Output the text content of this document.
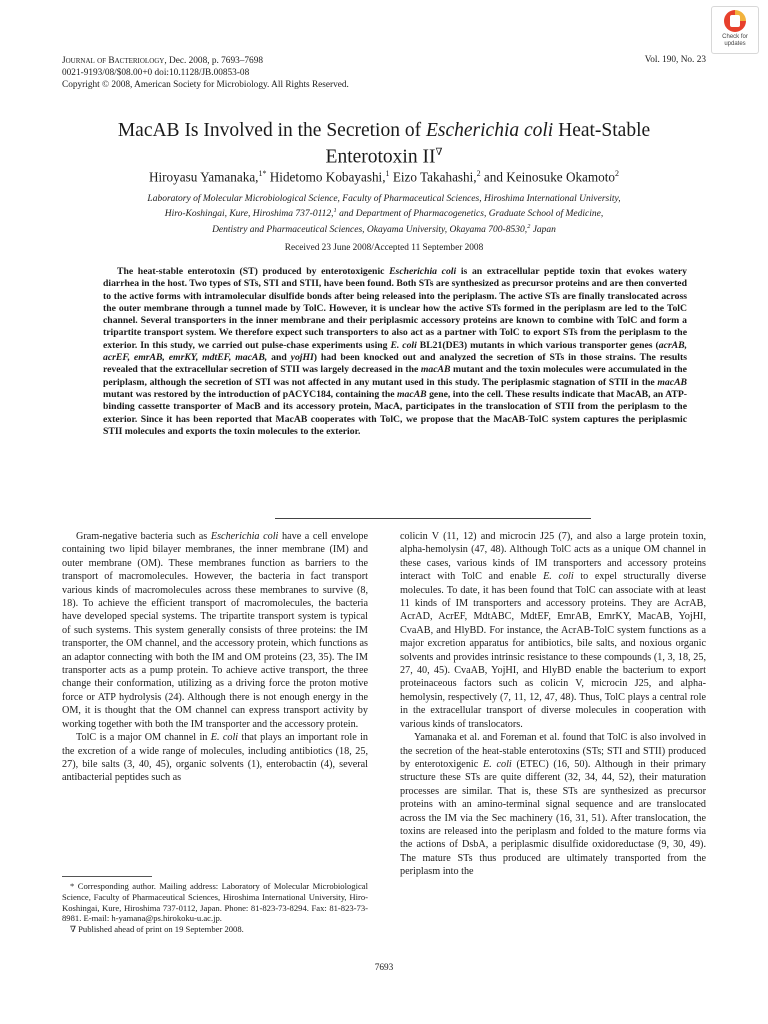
Journal of Bacteriology, Dec. 2008, p. 7693–7698
0021-9193/08/$08.00+0 doi:10.1128/JB.00853-08
Copyright © 2008, American Society for Microbiology. All Rights Reserved.
Vol. 190, No. 23
Check for
updates
MacAB Is Involved in the Secretion of Escherichia coli Heat-Stable
Enterotoxin II∇
Hiroyasu Yamanaka,$^{1*}$ Hidetomo Kobayashi,$^1$ Eizo Takahashi,$^2$ and Keinosuke Okamoto$^2$
Laboratory of Molecular Microbiological Science, Faculty of Pharmaceutical Sciences, Hiroshima International University,
Hiro-Koshingai, Kure, Hiroshima 737-0112,$^1$ and Department of Pharmacogenetics, Graduate School of Medicine,
Dentistry and Pharmaceutical Sciences, Okayama University, Okayama 700-8530,$^2$ Japan
Received 23 June 2008/Accepted 11 September 2008

The heat-stable enterotoxin (ST) produced by enterotoxigenic Escherichia coli is an extracellular peptide toxin that evokes watery diarrhea in the host. Two types of STs, STI and STII, have been found. Both STs are synthesized as precursor proteins and are then converted to the active forms with intramolecular disulfide bonds after being released into the periplasm. The active STs are finally translocated across the outer membrane through a tunnel made by TolC. However, it is unclear how the active STs formed in the periplasm are led to the TolC channel. Several transporters in the inner membrane and their periplasmic accessory proteins are known to combine with TolC and form a tripartite transport system. We therefore expect such transporters to also act as a partner with TolC to export STs from the periplasm to the exterior. In this study, we carried out pulse-chase experiments using E. coli BL21(DE3) mutants in which various transporter genes (acrAB, acrEF, emrAB, emrKY, mdtEF, macAB, and yojHI) had been knocked out and analyzed the secretion of STs in those strains. The results revealed that the extracellular secretion of STII was largely decreased in the macAB mutant and the toxin molecules were accumulated in the periplasm, although the secretion of STI was not affected in any mutant used in this study. The periplasmic stagnation of STII in the macAB mutant was restored by the introduction of pACYC184, containing the macAB gene, into the cell. These results indicate that MacAB, an ATP-binding cassette transporter of MacB and its accessory protein, MacA, participates in the translocation of STII from the periplasm to the exterior. Since it has been reported that MacAB cooperates with TolC, we propose that the MacAB-TolC system captures the periplasmic STII molecules and exports the toxin molecules to the exterior.

Gram-negative bacteria such as Escherichia coli have a cell envelope containing two lipid bilayer membranes, the inner membrane (IM) and outer membrane (OM). These membranes function as barriers to the transport of macromolecules. However, the bacteria in fact transport various kinds of macromolecules across these membranes to survive (8, 18). To achieve the efficient transport of macromolecules, the bacteria have developed special systems. The tripartite transport system is typical of such systems. This system generally consists of three proteins: the IM transporter, the OM channel, and the accessory protein, which functions as an adaptor connecting with both the IM and OM proteins (23, 35). The IM transporter acts as a pump protein. To achieve active transport, the three change their conformation, utilizing as a driving force the proton motive force or ATP hydrolysis (24). Although there is not enough energy in the OM, it is thought that the OM channel can express transport activity by working together with both the IM transporter and the accessory protein.

TolC is a major OM channel in E. coli that plays an important role in the excretion of a wide range of molecules, including antibiotics (18, 25, 27), bile salts (3, 40, 45), organic solvents (1), enterobactin (4), several antibacterial peptides such as

* Corresponding author. Mailing address: Laboratory of Molecular Microbiological Science, Faculty of Pharmaceutical Sciences, Hiroshima International University, Hiro-Koshingai, Kure, Hiroshima 737-0112, Japan. Phone: 81-823-73-8294. Fax: 81-823-73-8981. E-mail: h-yamana@ps.hirokoku-u.ac.jp.

∇ Published ahead of print on 19 September 2008.

colicin V (11, 12) and microcin J25 (7), and also a large protein toxin, alpha-hemolysin (47, 48). Although TolC acts as a unique OM channel in these cases, various kinds of IM transporters and accessory proteins interact with TolC and enable E. coli to expel structurally diverse molecules. To date, it has been found that TolC can associate with at least 11 kinds of IM transporters and accessory proteins. They are AcrAB, AcrAD, AcrEF, MdtABC, MdtEF, EmrAB, EmrKY, MacAB, YojHI, CvaAB, and HlyBD. For instance, the AcrAB-TolC system functions as a major excretion apparatus for antibiotics, bile salts, and noxious organic solvents and provides intrinsic resistance to these compounds (1, 3, 18, 25, 27, 40, 45). CvaAB, YojHI, and HlyBD enable the bacterium to export proteinaceous factors such as colicin V, microcin J25, and alpha-hemolysin, respectively (7, 11, 12, 47, 48). Thus, TolC plays a central role in the extracellular transport of diverse molecules in cooperation with various kinds of translocators.

Yamanaka et al. and Foreman et al. found that TolC is also involved in the secretion of the heat-stable enterotoxins (STs; STI and STII) produced by enterotoxigenic E. coli (ETEC) (16, 50). Although in their primary structure these STs are quite different (32, 34, 44, 52), their maturation processes are similar. That is, these STs are synthesized as precursor proteins with an amino-terminal signal sequence and are translocated across the IM via the Sec machinery (16, 31, 51). After translocation, the toxins are released into the periplasm and folded to the mature forms via the actions of DsbA, a periplasmic disulfide oxidoreductase (9, 30, 49). The mature STs thus produced are ultimately transported from the periplasm into the

7693
